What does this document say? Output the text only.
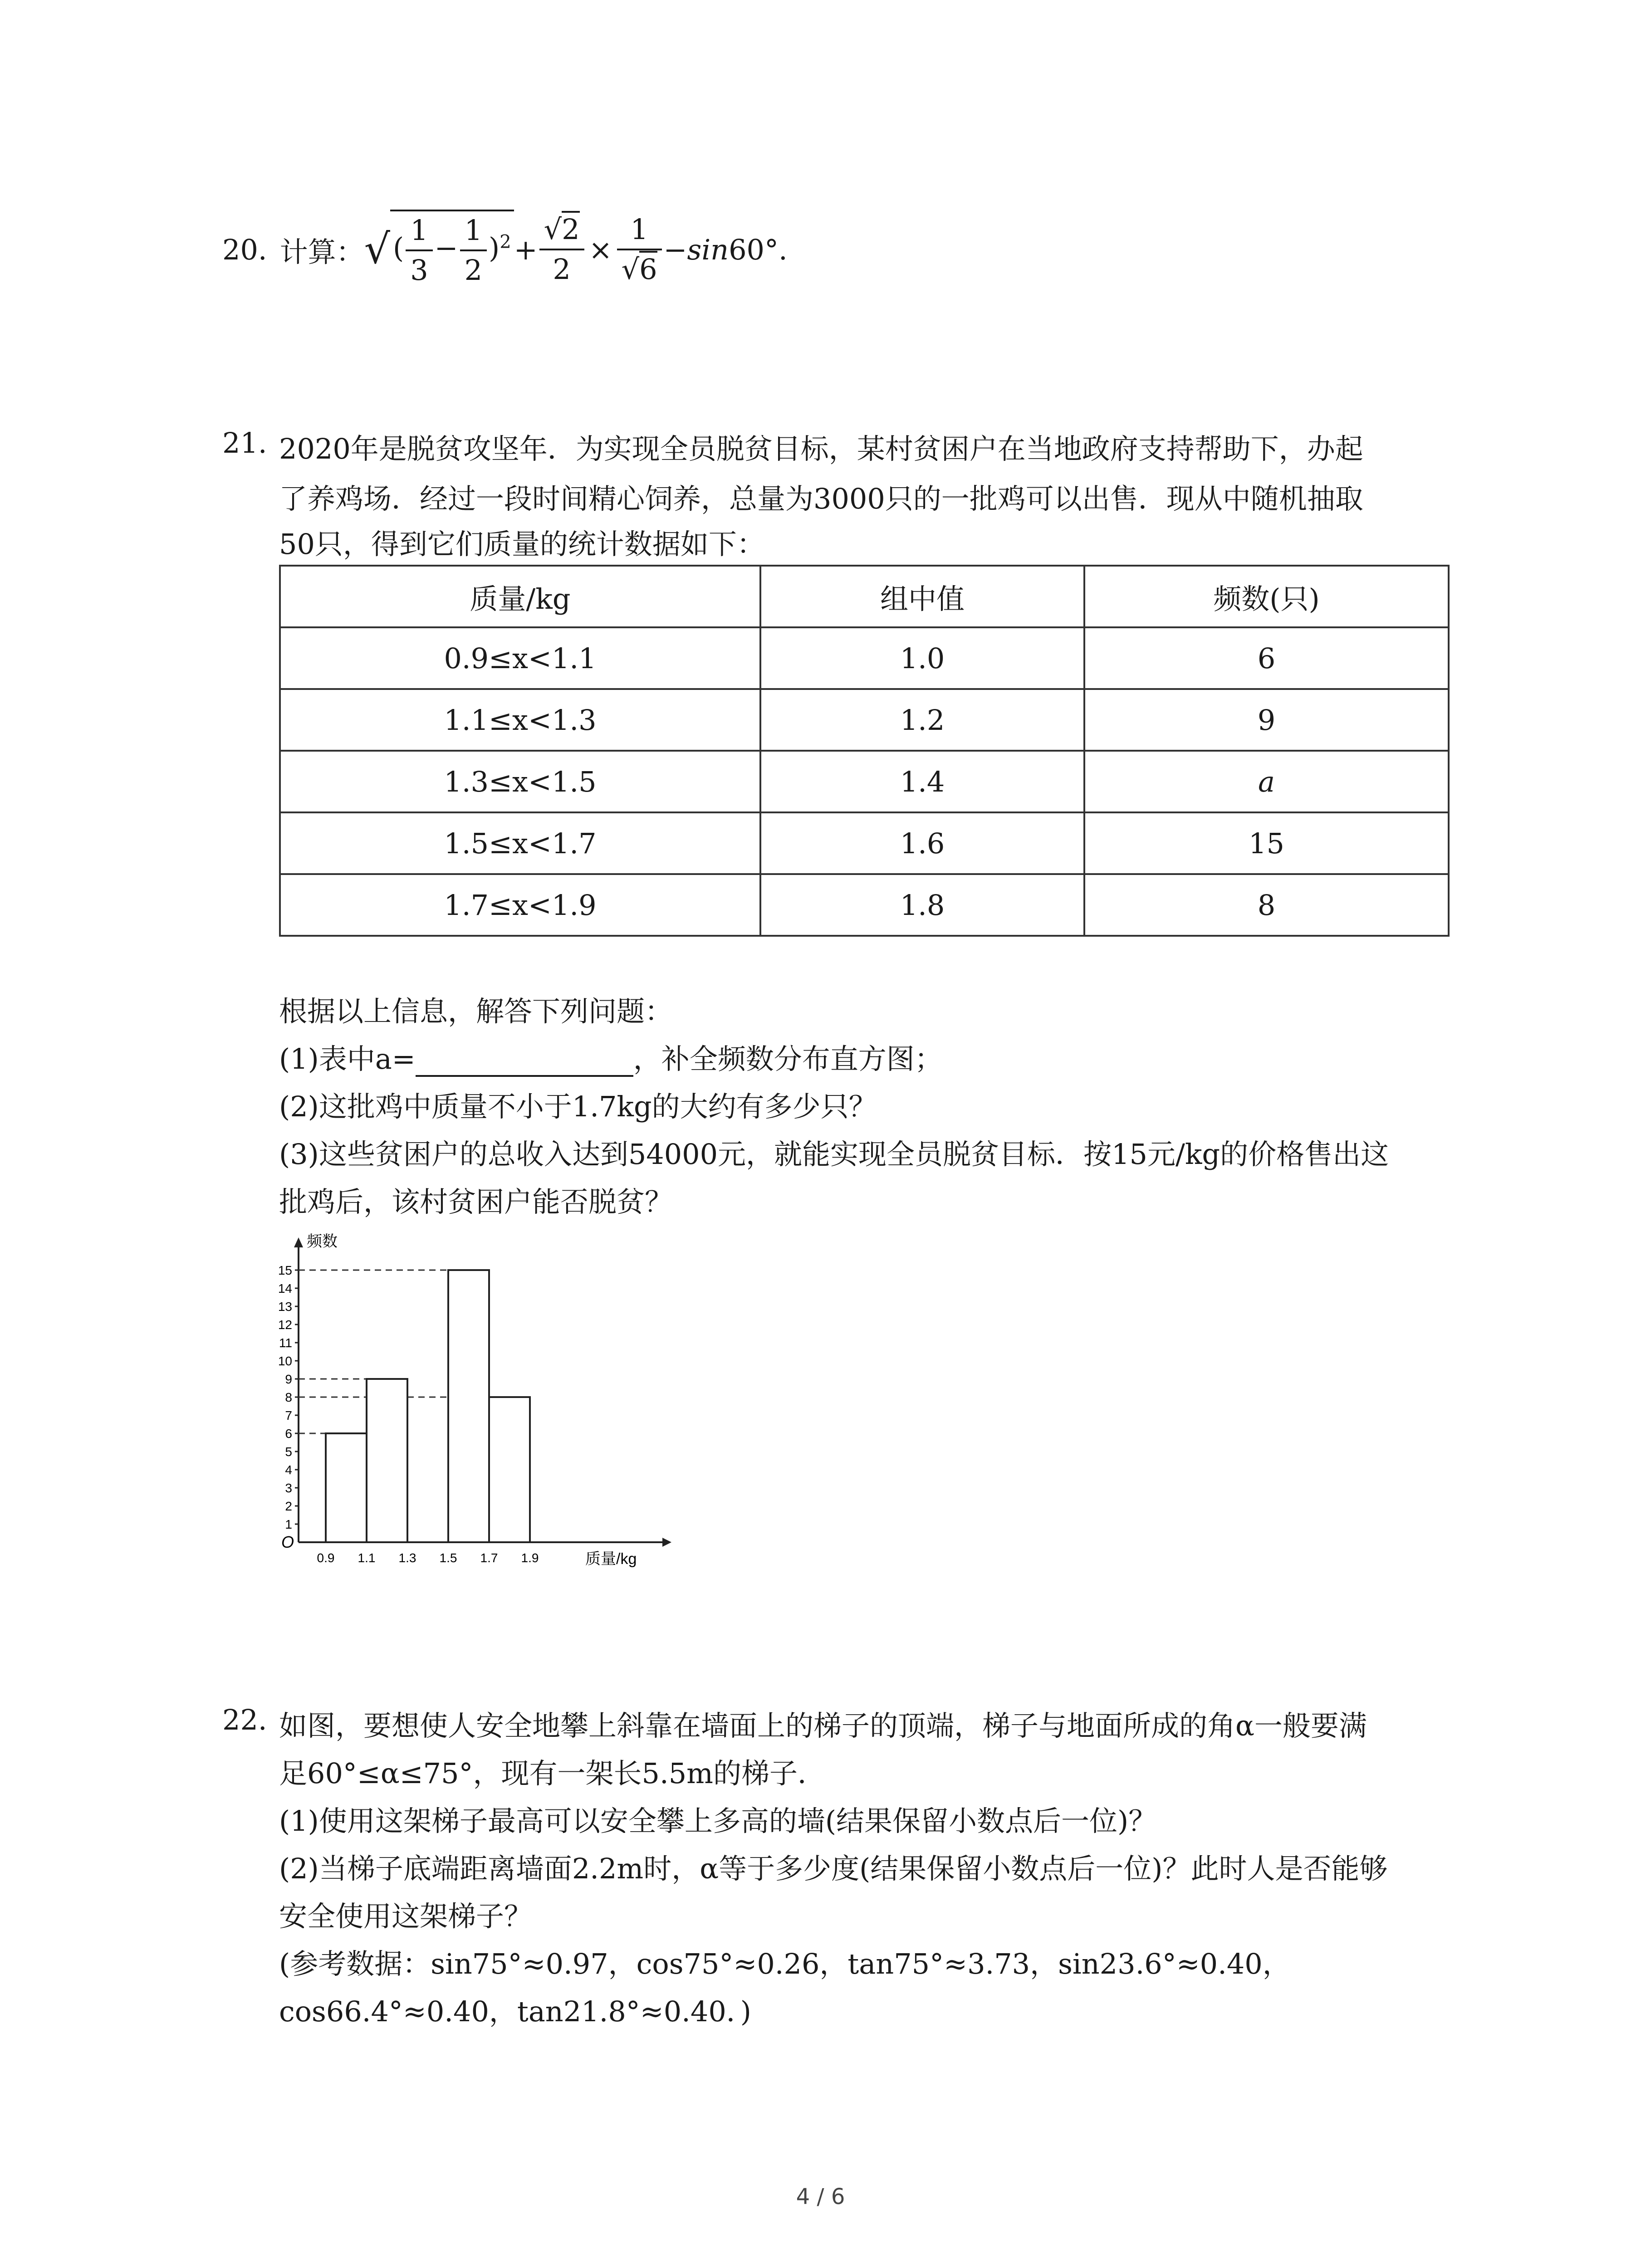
20. 计算： √ ( $\frac{1}{3} - \frac{1}{2} )^2 + \frac{√2}{2} \times \frac{1}{√6} - \sin 60^\circ$.
21. 2020年是脱贫攻坚年．为实现全员脱贫目标，某村贫困户在当地政府支持帮助下，办起
了养鸡场．经过一段时间精心饲养，总量为3000只的一批鸡可以出售．现从中随机抽取
50只，得到它们质量的统计数据如下：
质量/kg	组中值	频数(只)
0.9≤x<1.1	1.0	6
1.1≤x<1.3	1.2	9
1.3≤x<1.5	1.4	a
1.5≤x<1.7	1.6	15
1.7≤x<1.9	1.8	8
根据以上信息，解答下列问题：
(1)表中a=	，补全频数分布直方图；
(2)这批鸡中质量不小于1.7kg的大约有多少只？
(3)这些贫困户的总收入达到54000元，就能实现全员脱贫目标．按15元/kg的价格售出这
批鸡后，该村贫困户能否脱贫？
频数
质量/kg
O
1
2
3
4
5
6
7
8
9
10
11
12
13
14
15
0.9 1.1 1.3 1.5 1.7 1.9
22. 如图，要想使人安全地攀上斜靠在墙面上的梯子的顶端，梯子与地面所成的角α一般要满
足60°≤α≤75°，现有一架长5.5m的梯子．
(1)使用这架梯子最高可以安全攀上多高的墙(结果保留小数点后一位)？
(2)当梯子底端距离墙面2.2m时，α等于多少度(结果保留小数点后一位)？此时人是否能够
安全使用这架梯子？
(参考数据：sin75°≈0.97，cos75°≈0.26，tan75°≈3.73，sin23.6°≈0.40，
cos66.4°≈0.40，tan21.8°≈0.40．)
4 / 6
